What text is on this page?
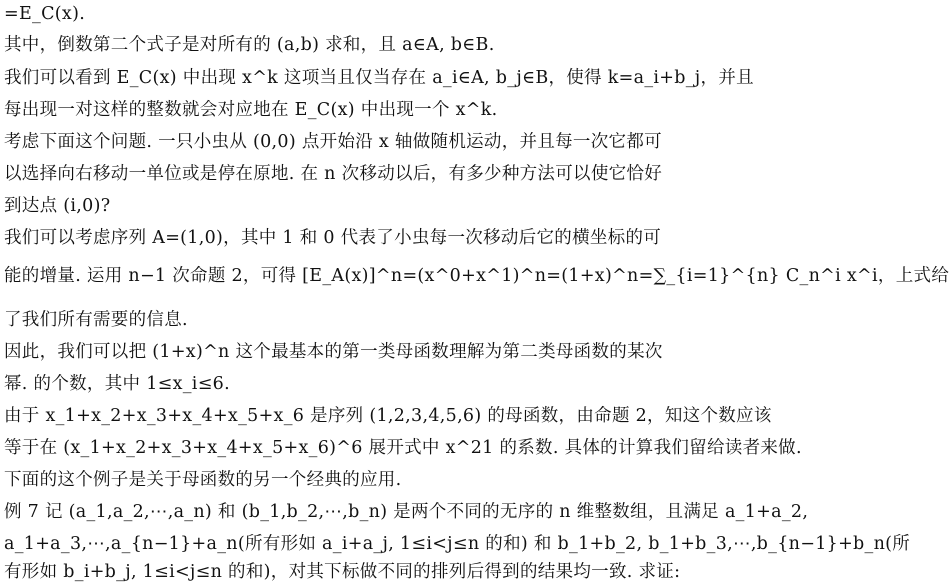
=E_C(x).
其中，倒数第二个式子是对所有的 (a,b) 求和，且 a∈A, b∈B.
我们可以看到 E_C(x) 中出现 x^k 这项当且仅当存在 a_i∈A, b_j∈B，使得 k=a_i+b_j，并且
每出现一对这样的整数就会对应地在 E_C(x) 中出现一个 x^k.
考虑下面这个问题. 一只小虫从 (0,0) 点开始沿 x 轴做随机运动，并且每一次它都可
以选择向右移动一单位或是停在原地. 在 n 次移动以后，有多少种方法可以使它恰好
到达点 (i,0)?
我们可以考虑序列 A=(1,0)，其中 1 和 0 代表了小虫每一次移动后它的横坐标的可
能的增量. 运用 n−1 次命题 2，可得 [E_A(x)]^n=(x^0+x^1)^n=(1+x)^n=∑_{i=1}^{n} C_n^i x^i，上式给
了我们所有需要的信息.
因此，我们可以把 (1+x)^n 这个最基本的第一类母函数理解为第二类母函数的某次
幂. 的个数，其中 1≤x_i≤6.
由于 x_1+x_2+x_3+x_4+x_5+x_6 是序列 (1,2,3,4,5,6) 的母函数，由命题 2，知这个数应该
等于在 (x_1+x_2+x_3+x_4+x_5+x_6)^6 展开式中 x^21 的系数. 具体的计算我们留给读者来做.
下面的这个例子是关于母函数的另一个经典的应用.
例 7 记 (a_1,a_2,⋯,a_n) 和 (b_1,b_2,⋯,b_n) 是两个不同的无序的 n 维整数组，且满足 a_1+a_2,
a_1+a_3,⋯,a_{n−1}+a_n(所有形如 a_i+a_j, 1≤i<j≤n 的和) 和 b_1+b_2, b_1+b_3,⋯,b_{n−1}+b_n(所
有形如 b_i+b_j, 1≤i<j≤n 的和)，对其下标做不同的排列后得到的结果均一致. 求证:
